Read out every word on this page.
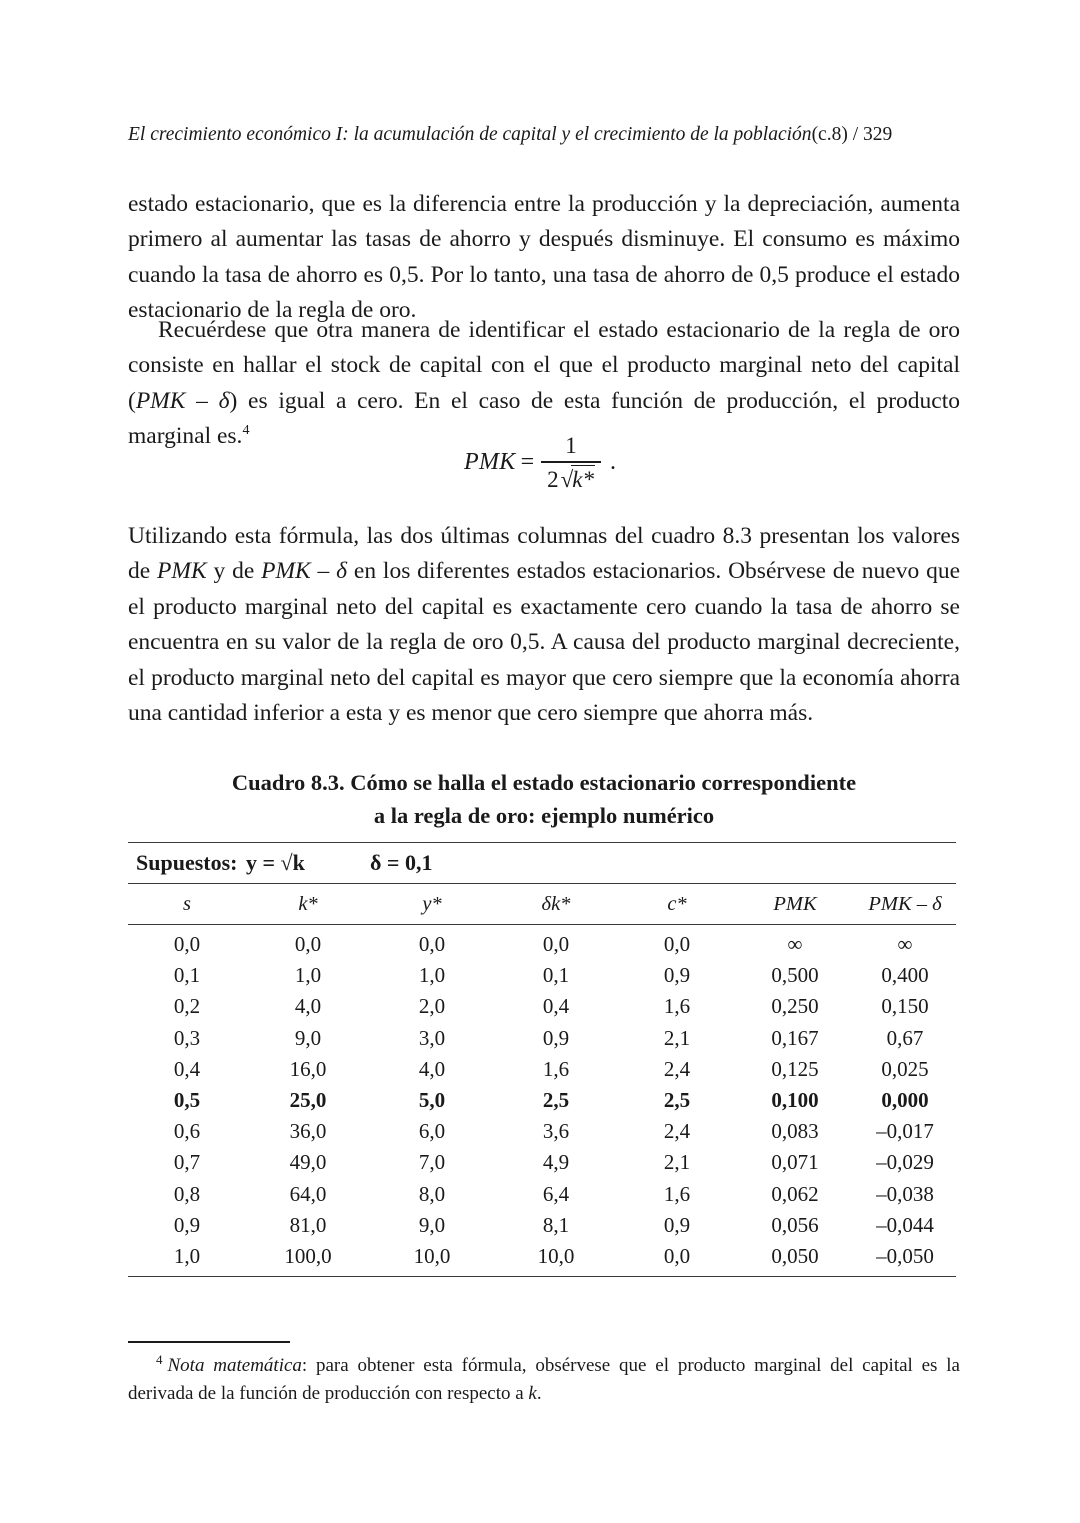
El crecimiento económico I: la acumulación de capital y el crecimiento de la población(c.8) / 329
estado estacionario, que es la diferencia entre la producción y la depreciación, aumenta primero al aumentar las tasas de ahorro y después disminuye. El consumo es máximo cuando la tasa de ahorro es 0,5. Por lo tanto, una tasa de ahorro de 0,5 produce el estado estacionario de la regla de oro.
Recuérdese que otra manera de identificar el estado estacionario de la regla de oro consiste en hallar el stock de capital con el que el producto marginal neto del capital (PMK – δ) es igual a cero. En el caso de esta función de producción, el producto marginal es.$^4$
PMK = $\frac{1}{2√k*}$ .
Utilizando esta fórmula, las dos últimas columnas del cuadro 8.3 presentan los valores de PMK y de PMK – δ en los diferentes estados estacionarios. Obsérvese de nuevo que el producto marginal neto del capital es exactamente cero cuando la tasa de ahorro se encuentra en su valor de la regla de oro 0,5. A causa del producto marginal decreciente, el producto marginal neto del capital es mayor que cero siempre que la economía ahorra una cantidad inferior a esta y es menor que cero siempre que ahorra más.
Cuadro 8.3. Cómo se halla el estado estacionario correspondiente
a la regla de oro: ejemplo numérico
Supuestos:	y = √k	δ = 0,1				
s	k*	y*	δk*	c*	PMK	PMK – δ
0,0	0,0	0,0	0,0	0,0	∞	∞
0,1	1,0	1,0	0,1	0,9	0,500	0,400
0,2	4,0	2,0	0,4	1,6	0,250	0,150
0,3	9,0	3,0	0,9	2,1	0,167	0,67
0,4	16,0	4,0	1,6	2,4	0,125	0,025
0,5	25,0	5,0	2,5	2,5	0,100	0,000
0,6	36,0	6,0	3,6	2,4	0,083	–0,017
0,7	49,0	7,0	4,9	2,1	0,071	–0,029
0,8	64,0	8,0	6,4	1,6	0,062	–0,038
0,9	81,0	9,0	8,1	0,9	0,056	–0,044
1,0	100,0	10,0	10,0	0,0	0,050	–0,050
$^4$ Nota matemática: para obtener esta fórmula, obsérvese que el producto marginal del capital es la derivada de la función de producción con respecto a k.
